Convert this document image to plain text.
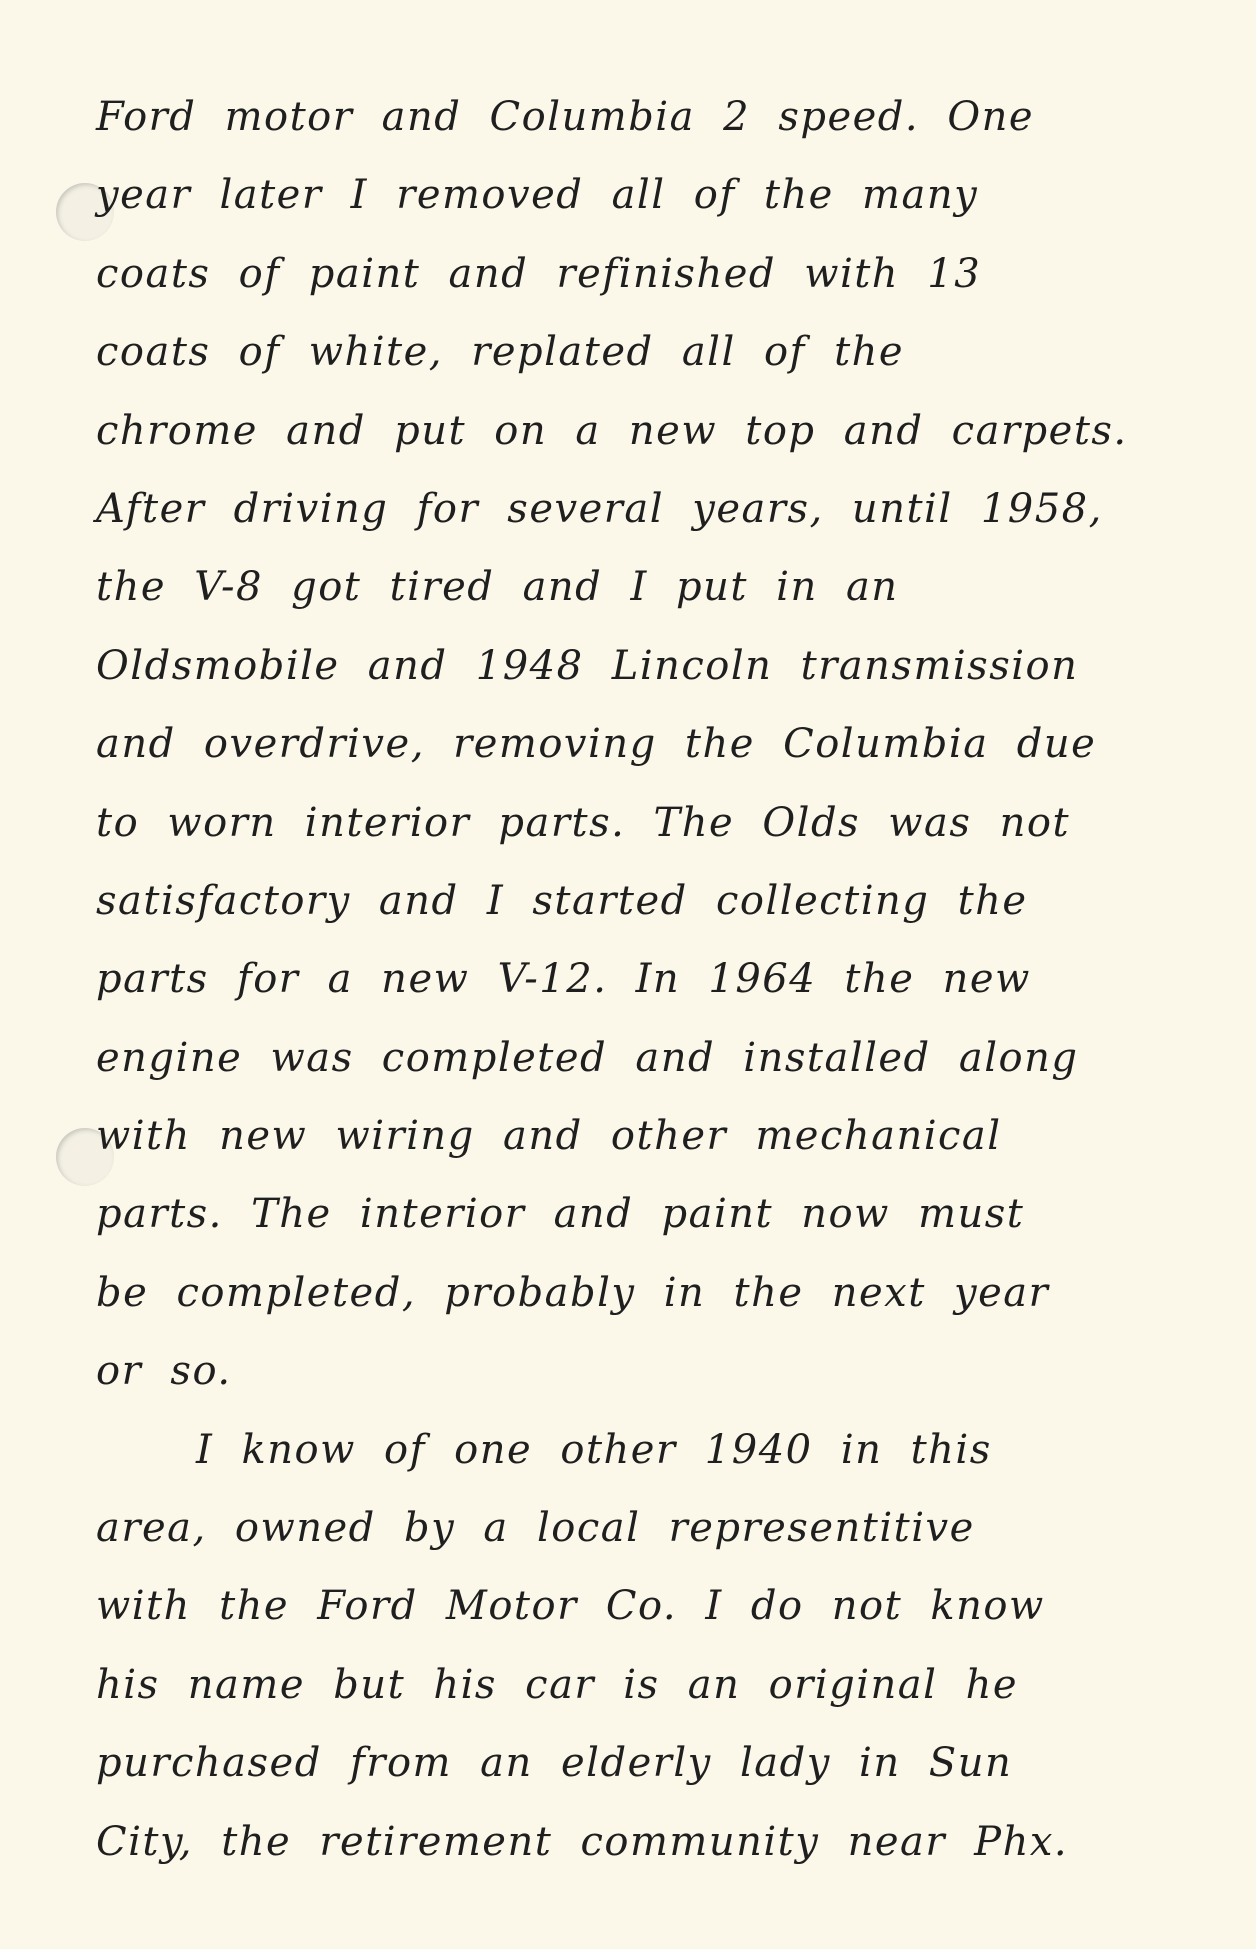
Ford motor and Columbia 2 speed. One
year later I removed all of the many
coats of paint and refinished with 13
coats of white, replated all of the
chrome and put on a new top and carpets.
After driving for several years, until 1958,
the V-8 got tired and I put in an
Oldsmobile and 1948 Lincoln transmission
and overdrive, removing the Columbia due
to worn interior parts. The Olds was not
satisfactory and I started collecting the
parts for a new V-12. In 1964 the new
engine was completed and installed along
with new wiring and other mechanical
parts. The interior and paint now must
be completed, probably in the next year
or so.
I know of one other 1940 in this
area, owned by a local representitive
with the Ford Motor Co. I do not know
his name but his car is an original he
purchased from an elderly lady in Sun
City, the retirement community near Phx.
